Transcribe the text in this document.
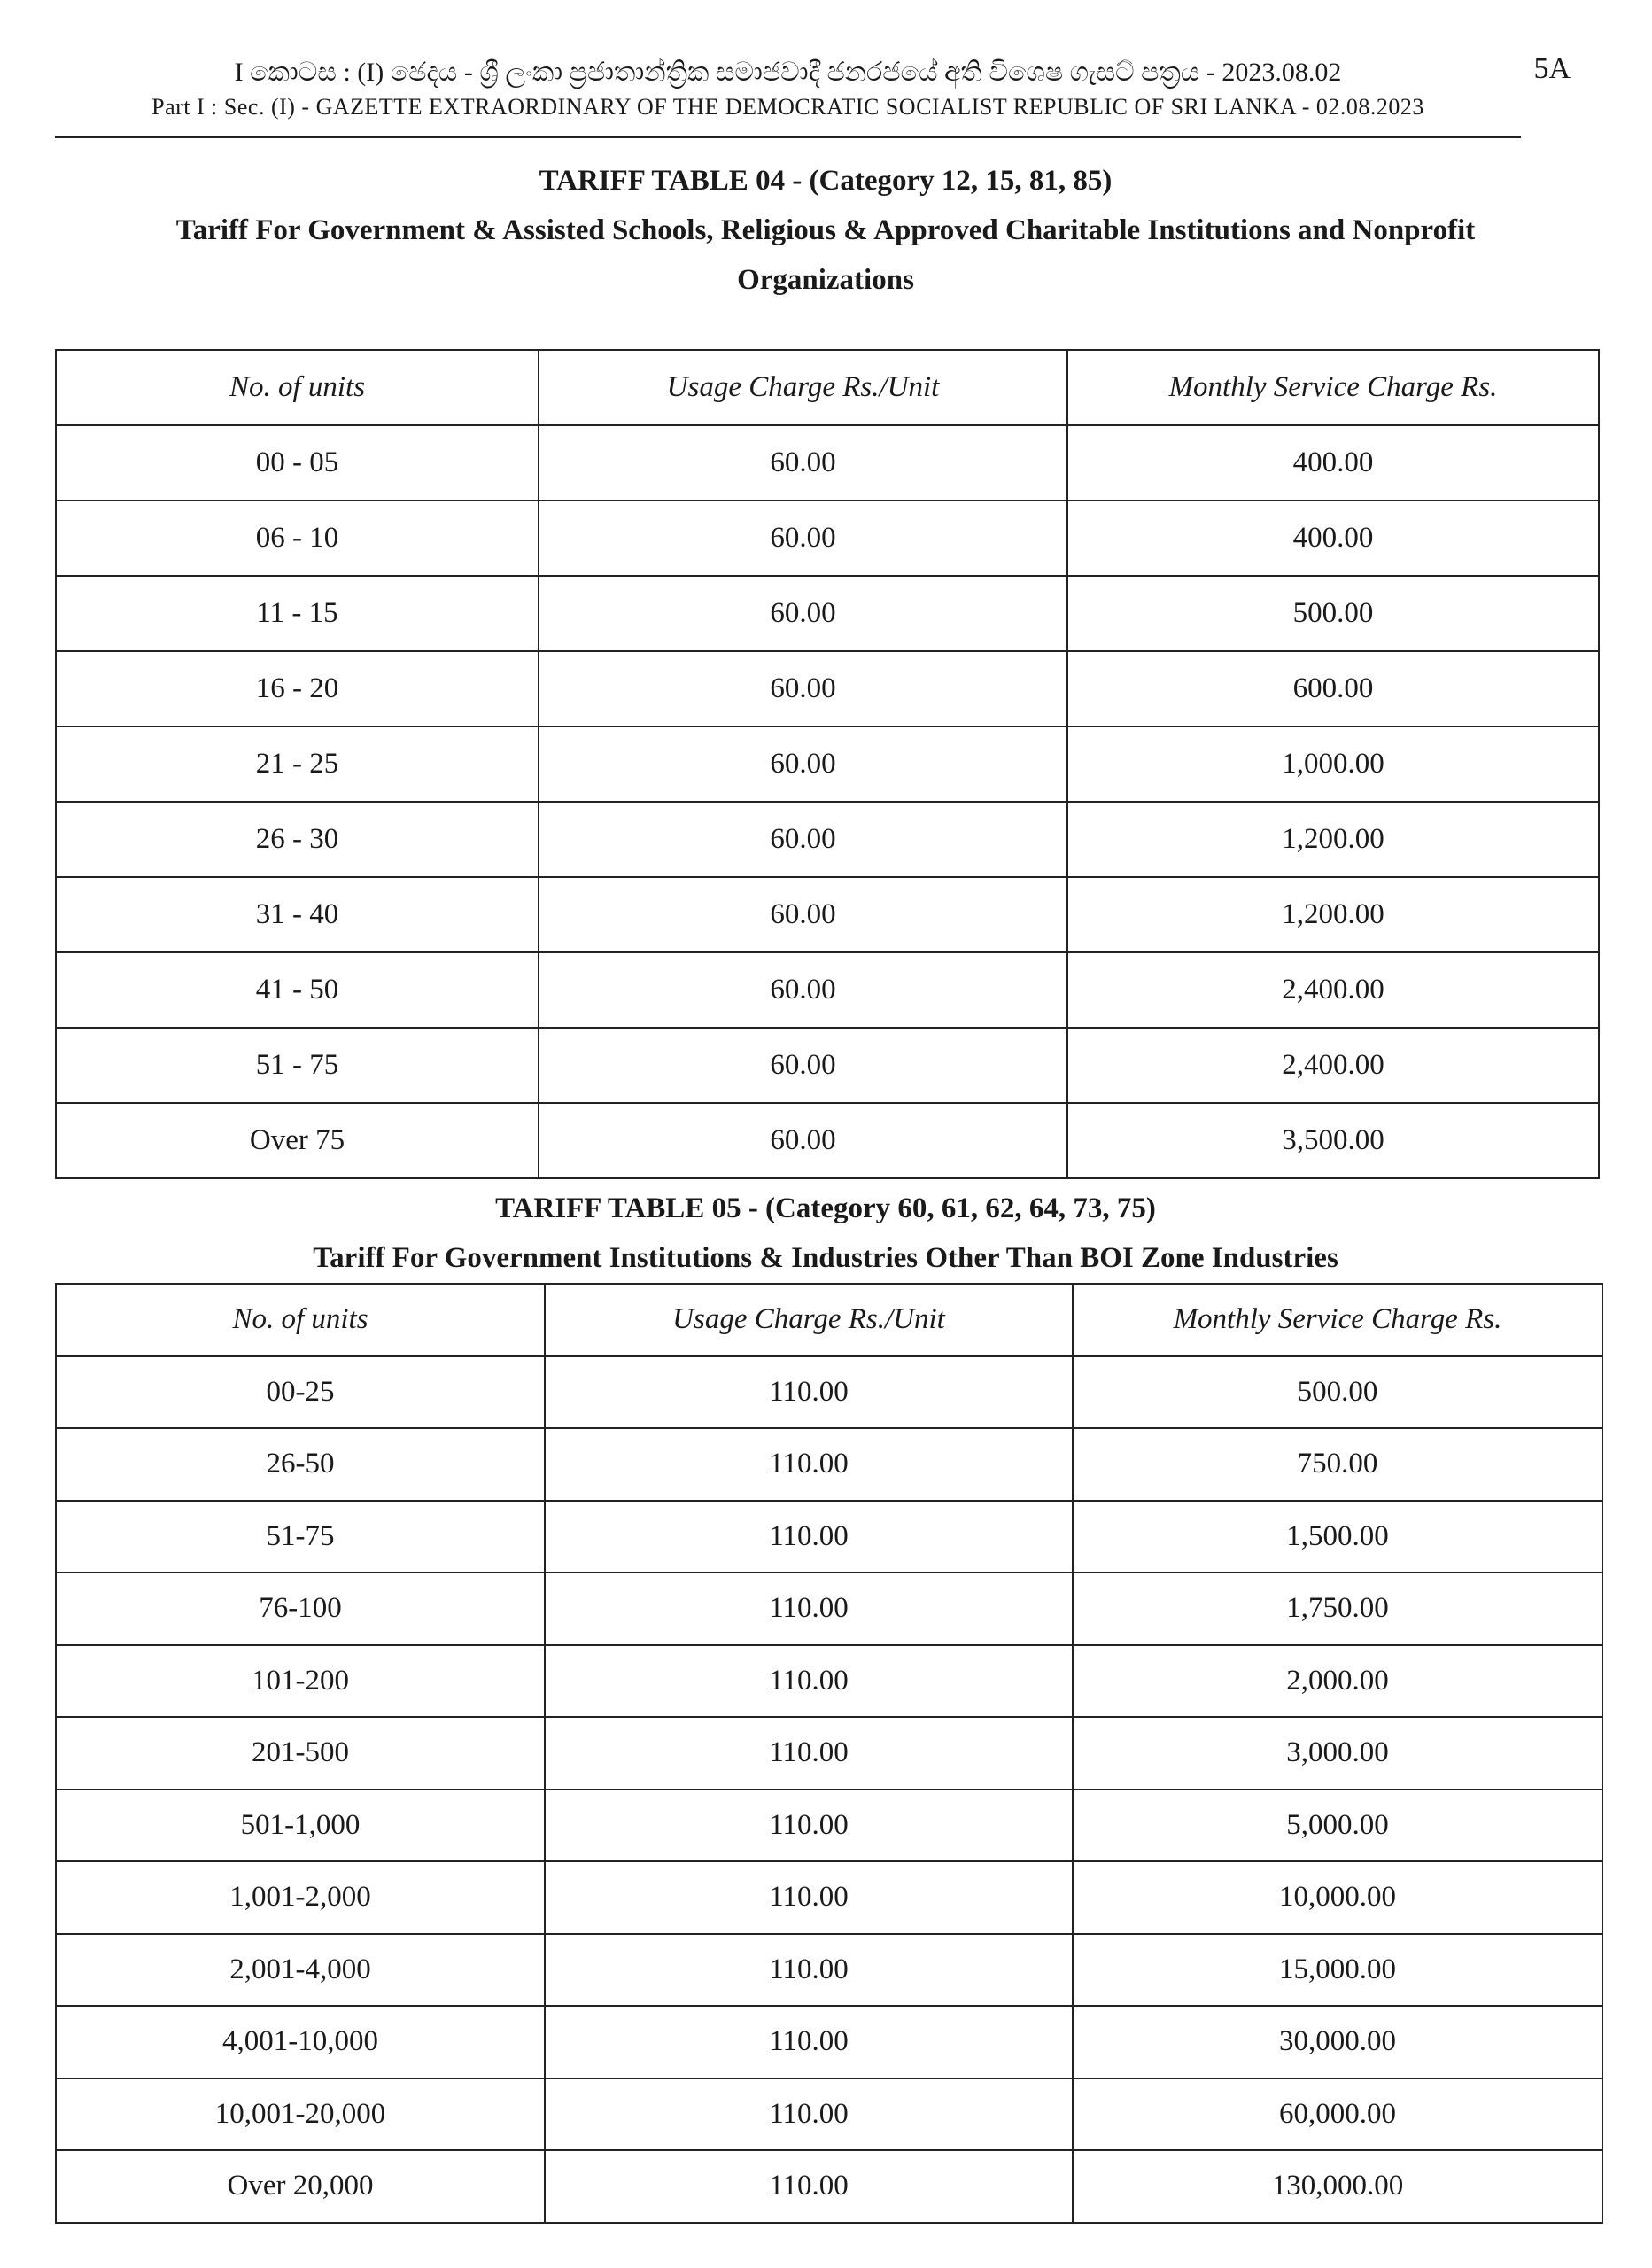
I කොටස : (I) ඡෙදය - ශ්‍රී ලංකා ප්‍රජාතාන්ත්‍රික සමාජවාදී ජනරජයේ අති විශෙෂ ගැසට් පත්‍රය - 2023.08.02
Part I : Sec. (I) - GAZETTE EXTRAORDINARY OF THE DEMOCRATIC SOCIALIST REPUBLIC OF SRI LANKA - 02.08.2023
5A
TARIFF TABLE 04 - (Category 12, 15, 81, 85)
Tariff For Government & Assisted Schools, Religious & Approved Charitable Institutions and Nonprofit
Organizations
No. of units	Usage Charge Rs./Unit	Monthly Service Charge Rs.
00 - 05	60.00	400.00
06 - 10	60.00	400.00
11 - 15	60.00	500.00
16 - 20	60.00	600.00
21 - 25	60.00	1,000.00
26 - 30	60.00	1,200.00
31 - 40	60.00	1,200.00
41 - 50	60.00	2,400.00
51 - 75	60.00	2,400.00
Over 75	60.00	3,500.00
TARIFF TABLE 05 - (Category 60, 61, 62, 64, 73, 75)
Tariff For Government Institutions & Industries Other Than BOI Zone Industries
No. of units	Usage Charge Rs./Unit	Monthly Service Charge Rs.
00-25	110.00	500.00
26-50	110.00	750.00
51-75	110.00	1,500.00
76-100	110.00	1,750.00
101-200	110.00	2,000.00
201-500	110.00	3,000.00
501-1,000	110.00	5,000.00
1,001-2,000	110.00	10,000.00
2,001-4,000	110.00	15,000.00
4,001-10,000	110.00	30,000.00
10,001-20,000	110.00	60,000.00
Over 20,000	110.00	130,000.00
